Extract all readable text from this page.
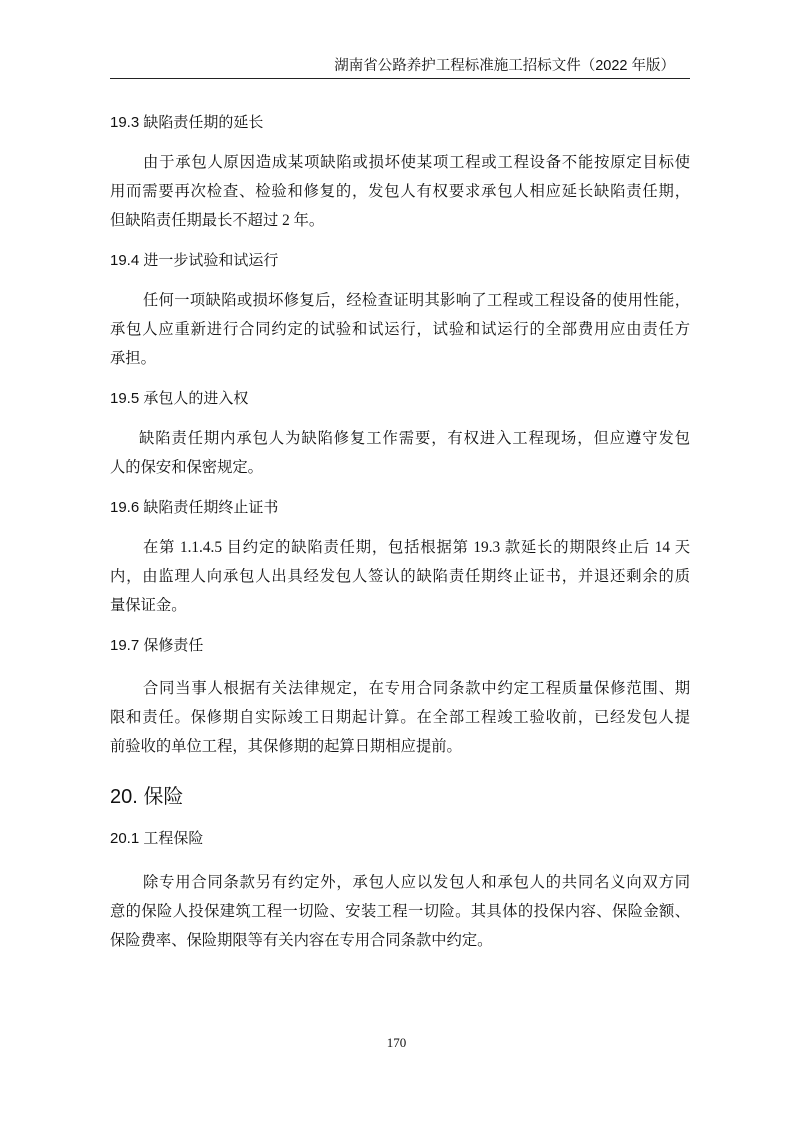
湖南省公路养护工程标准施工招标文件（2022 年版）
19.3 缺陷责任期的延长
由于承包人原因造成某项缺陷或损坏使某项工程或工程设备不能按原定目标使
用而需要再次检查、检验和修复的，发包人有权要求承包人相应延长缺陷责任期，
但缺陷责任期最长不超过 2 年。
19.4 进一步试验和试运行
任何一项缺陷或损坏修复后，经检查证明其影响了工程或工程设备的使用性能，
承包人应重新进行合同约定的试验和试运行，试验和试运行的全部费用应由责任方
承担。
19.5 承包人的进入权
缺陷责任期内承包人为缺陷修复工作需要，有权进入工程现场，但应遵守发包
人的保安和保密规定。
19.6 缺陷责任期终止证书
在第 1.1.4.5 目约定的缺陷责任期，包括根据第 19.3 款延长的期限终止后 14 天
内，由监理人向承包人出具经发包人签认的缺陷责任期终止证书，并退还剩余的质
量保证金。
19.7 保修责任
合同当事人根据有关法律规定，在专用合同条款中约定工程质量保修范围、期
限和责任。保修期自实际竣工日期起计算。在全部工程竣工验收前，已经发包人提
前验收的单位工程，其保修期的起算日期相应提前。
20. 保险
20.1 工程保险
除专用合同条款另有约定外，承包人应以发包人和承包人的共同名义向双方同
意的保险人投保建筑工程一切险、安装工程一切险。其具体的投保内容、保险金额、
保险费率、保险期限等有关内容在专用合同条款中约定。
170
